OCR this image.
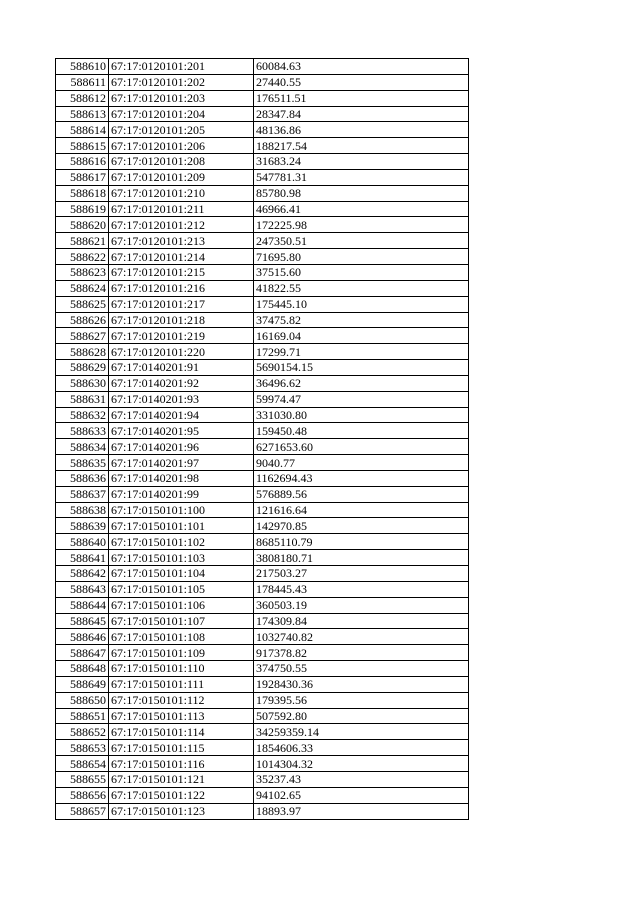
588610	67:17:0120101:201	60084.63
588611	67:17:0120101:202	27440.55
588612	67:17:0120101:203	176511.51
588613	67:17:0120101:204	28347.84
588614	67:17:0120101:205	48136.86
588615	67:17:0120101:206	188217.54
588616	67:17:0120101:208	31683.24
588617	67:17:0120101:209	547781.31
588618	67:17:0120101:210	85780.98
588619	67:17:0120101:211	46966.41
588620	67:17:0120101:212	172225.98
588621	67:17:0120101:213	247350.51
588622	67:17:0120101:214	71695.80
588623	67:17:0120101:215	37515.60
588624	67:17:0120101:216	41822.55
588625	67:17:0120101:217	175445.10
588626	67:17:0120101:218	37475.82
588627	67:17:0120101:219	16169.04
588628	67:17:0120101:220	17299.71
588629	67:17:0140201:91	5690154.15
588630	67:17:0140201:92	36496.62
588631	67:17:0140201:93	59974.47
588632	67:17:0140201:94	331030.80
588633	67:17:0140201:95	159450.48
588634	67:17:0140201:96	6271653.60
588635	67:17:0140201:97	9040.77
588636	67:17:0140201:98	1162694.43
588637	67:17:0140201:99	576889.56
588638	67:17:0150101:100	121616.64
588639	67:17:0150101:101	142970.85
588640	67:17:0150101:102	8685110.79
588641	67:17:0150101:103	3808180.71
588642	67:17:0150101:104	217503.27
588643	67:17:0150101:105	178445.43
588644	67:17:0150101:106	360503.19
588645	67:17:0150101:107	174309.84
588646	67:17:0150101:108	1032740.82
588647	67:17:0150101:109	917378.82
588648	67:17:0150101:110	374750.55
588649	67:17:0150101:111	1928430.36
588650	67:17:0150101:112	179395.56
588651	67:17:0150101:113	507592.80
588652	67:17:0150101:114	34259359.14
588653	67:17:0150101:115	1854606.33
588654	67:17:0150101:116	1014304.32
588655	67:17:0150101:121	35237.43
588656	67:17:0150101:122	94102.65
588657	67:17:0150101:123	18893.97
